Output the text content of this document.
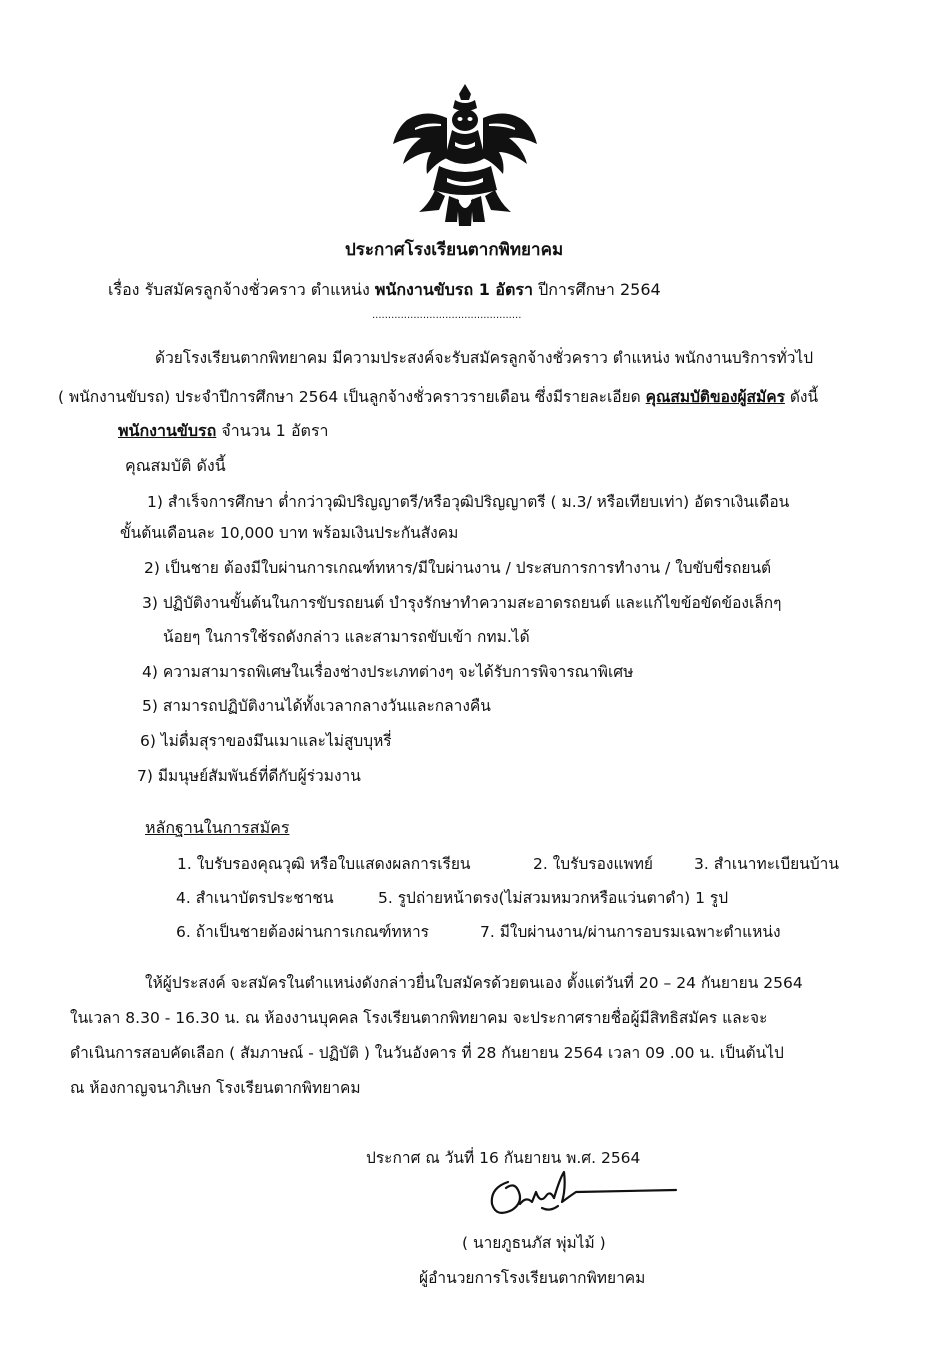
ประกาศโรงเรียนตากพิทยาคม
เรื่อง รับสมัครลูกจ้างชั่วคราว ตำแหน่ง พนักงานขับรถ 1 อัตรา ปีการศึกษา 2564
...............................................
ด้วยโรงเรียนตากพิทยาคม มีความประสงค์จะรับสมัครลูกจ้างชั่วคราว ตำแหน่ง พนักงานบริการทั่วไป
( พนักงานขับรถ) ประจำปีการศึกษา 2564 เป็นลูกจ้างชั่วคราวรายเดือน ซึ่งมีรายละเอียด คุณสมบัติของผู้สมัคร ดังนี้
พนักงานขับรถ จำนวน 1 อัตรา
คุณสมบัติ ดังนี้
1) สำเร็จการศึกษา ต่ำกว่าวุฒิปริญญาตรี/หรือวุฒิปริญญาตรี ( ม.3/ หรือเทียบเท่า) อัตราเงินเดือน
ขั้นต้นเดือนละ 10,000 บาท พร้อมเงินประกันสังคม
2) เป็นชาย ต้องมีใบผ่านการเกณฑ์ทหาร/มีใบผ่านงาน / ประสบการการทำงาน / ใบขับขี่รถยนต์
3) ปฏิบัติงานขั้นต้นในการขับรถยนต์ บำรุงรักษาทำความสะอาดรถยนต์ และแก้ไขข้อขัดข้องเล็กๆ
น้อยๆ ในการใช้รถดังกล่าว และสามารถขับเข้า กทม.ได้
4) ความสามารถพิเศษในเรื่องช่างประเภทต่างๆ จะได้รับการพิจารณาพิเศษ
5) สามารถปฏิบัติงานได้ทั้งเวลากลางวันและกลางคืน
6) ไม่ดื่มสุราของมึนเมาและไม่สูบบุหรี่
7) มีมนุษย์สัมพันธ์ที่ดีกับผู้ร่วมงาน
หลักฐานในการสมัคร
1. ใบรับรองคุณวุฒิ หรือใบแสดงผลการเรียน	2. ใบรับรองแพทย์	3. สำเนาทะเบียนบ้าน
4. สำเนาบัตรประชาชน	5. รูปถ่ายหน้าตรง(ไม่สวมหมวกหรือแว่นตาดำ) 1 รูป
6. ถ้าเป็นชายต้องผ่านการเกณฑ์ทหาร	7. มีใบผ่านงาน/ผ่านการอบรมเฉพาะตำแหน่ง
ให้ผู้ประสงค์ จะสมัครในตำแหน่งดังกล่าวยื่นใบสมัครด้วยตนเอง ตั้งแต่วันที่ 20 – 24 กันยายน 2564
ในเวลา 8.30 - 16.30 น. ณ ห้องงานบุคคล โรงเรียนตากพิทยาคม จะประกาศรายชื่อผู้มีสิทธิสมัคร และจะ
ดำเนินการสอบคัดเลือก ( สัมภาษณ์ - ปฏิบัติ ) ในวันอังคาร ที่ 28 กันยายน 2564 เวลา 09 .00 น. เป็นต้นไป
ณ ห้องกาญจนาภิเษก โรงเรียนตากพิทยาคม
ประกาศ ณ วันที่ 16 กันยายน พ.ศ. 2564
( นายภูธนภัส พุ่มไม้ )
ผู้อำนวยการโรงเรียนตากพิทยาคม
